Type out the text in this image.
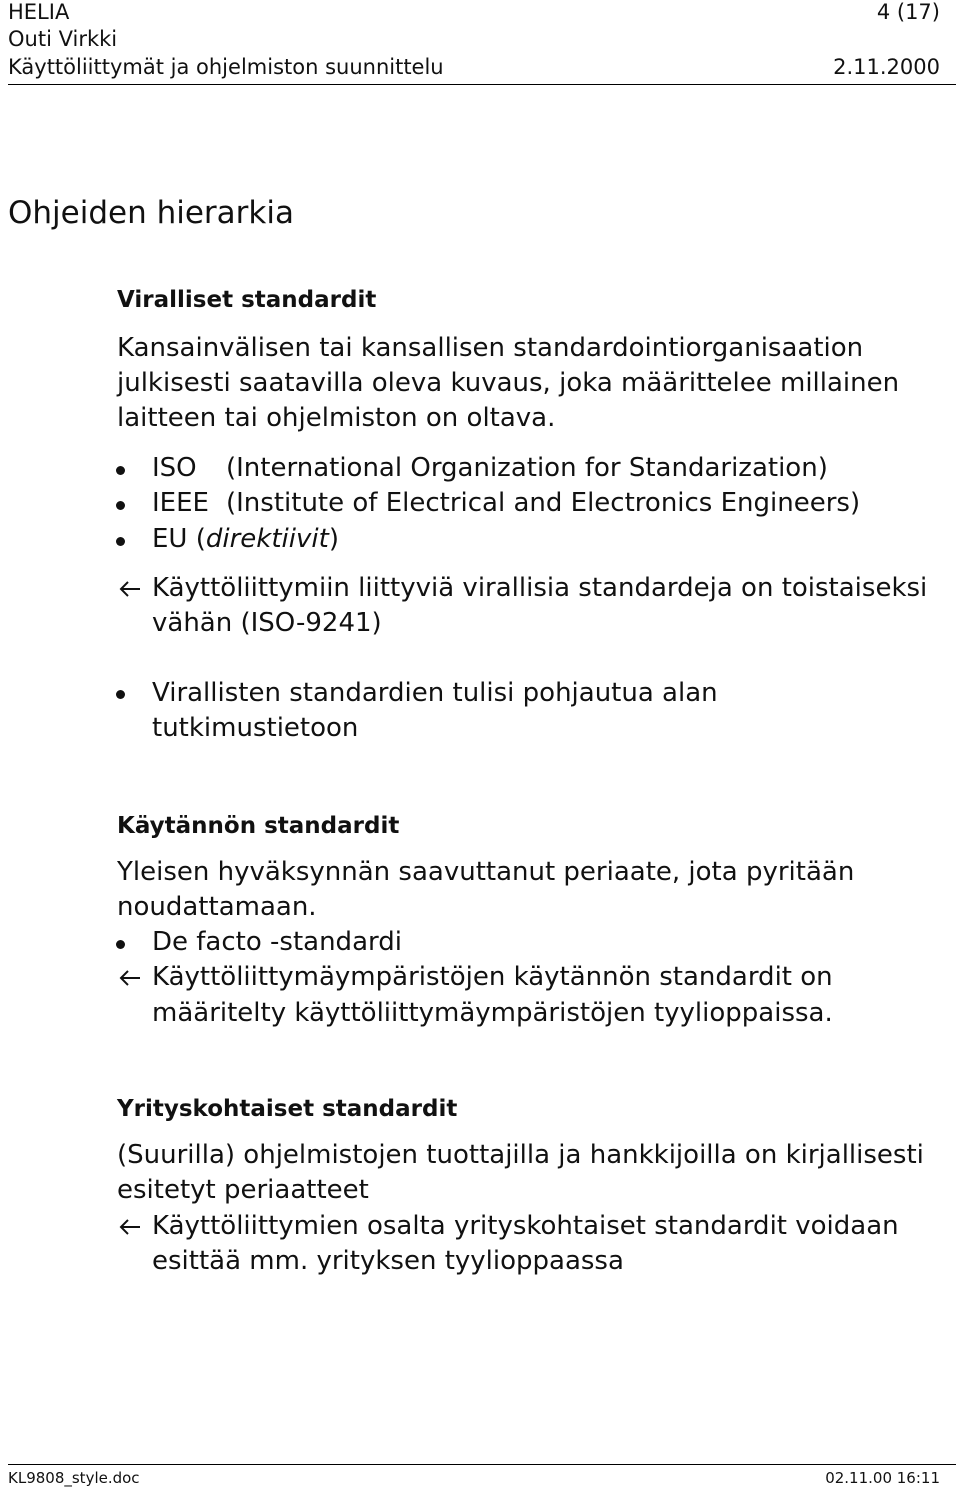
HELIA	4 (17)
Outi Virkki
Käyttöliittymät ja ohjelmiston suunnittelu	2.11.2000
Ohjeiden hierarkia
Viralliset standardit
Kansainvälisen tai kansallisen standardointiorganisaation
julkisesti saatavilla oleva kuvaus, joka määrittelee millainen
laitteen tai ohjelmiston on oltava.
ISO (International Organization for Standarization)
IEEE (Institute of Electrical and Electronics Engineers)
EU (direktiivit)
Käyttöliittymiin liittyviä virallisia standardeja on toistaiseksi
vähän (ISO-9241)
Virallisten standardien tulisi pohjautua alan
tutkimustietoon
Käytännön standardit
Yleisen hyväksynnän saavuttanut periaate, jota pyritään
noudattamaan.
De facto -standardi
Käyttöliittymäympäristöjen käytännön standardit on
määritelty käyttöliittymäympäristöjen tyylioppaissa.
Yrityskohtaiset standardit
(Suurilla) ohjelmistojen tuottajilla ja hankkijoilla on kirjallisesti
esitetyt periaatteet
Käyttöliittymien osalta yrityskohtaiset standardit voidaan
esittää mm. yrityksen tyylioppaassa
KL9808_style.doc	02.11.00 16:11
